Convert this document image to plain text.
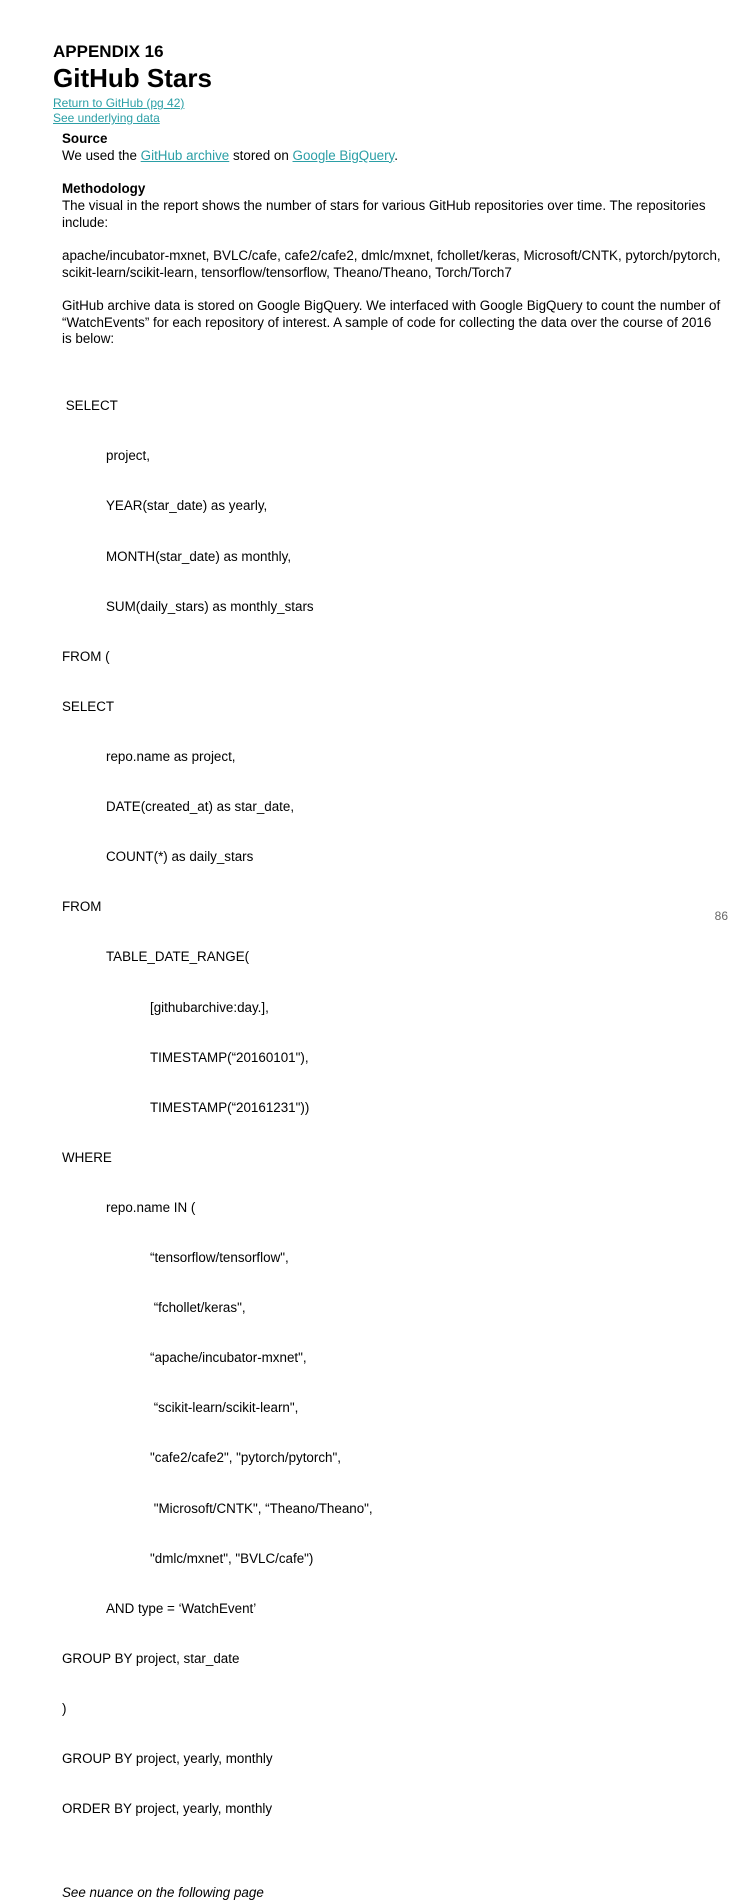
APPENDIX 16
GitHub Stars
Return to GitHub (pg 42)
See underlying data

Source

We used the GitHub archive stored on Google BigQuery.

Methodology

The visual in the report shows the number of stars for various GitHub repositories over time. The repositories include:

apache/incubator-mxnet, BVLC/cafe, cafe2/cafe2, dmlc/mxnet, fchollet/keras, Microsoft/CNTK, pytorch/pytorch, scikit-learn/scikit-learn, tensorflow/tensorflow, Theano/Theano, Torch/Torch7

GitHub archive data is stored on Google BigQuery. We interfaced with Google BigQuery to count the number of “WatchEvents” for each repository of interest. A sample of code for collecting the data over the course of 2016 is below:

SELECT

project,

YEAR(star_date) as yearly,

MONTH(star_date) as monthly,

SUM(daily_stars) as monthly_stars

FROM (

SELECT

repo.name as project,

DATE(created_at) as star_date,

COUNT(*) as daily_stars

FROM

TABLE_DATE_RANGE(

[githubarchive:day.],

TIMESTAMP(“20160101"),

TIMESTAMP(“20161231"))

WHERE

repo.name IN (

“tensorflow/tensorflow",

“fchollet/keras",

“apache/incubator-mxnet",

“scikit-learn/scikit-learn",

"cafe2/cafe2", "pytorch/pytorch",

"Microsoft/CNTK", “Theano/Theano",

"dmlc/mxnet", "BVLC/cafe")

AND type = ‘WatchEvent’

GROUP BY project, star_date

)

GROUP BY project, yearly, monthly

ORDER BY project, yearly, monthly

See nuance on the following page

86
